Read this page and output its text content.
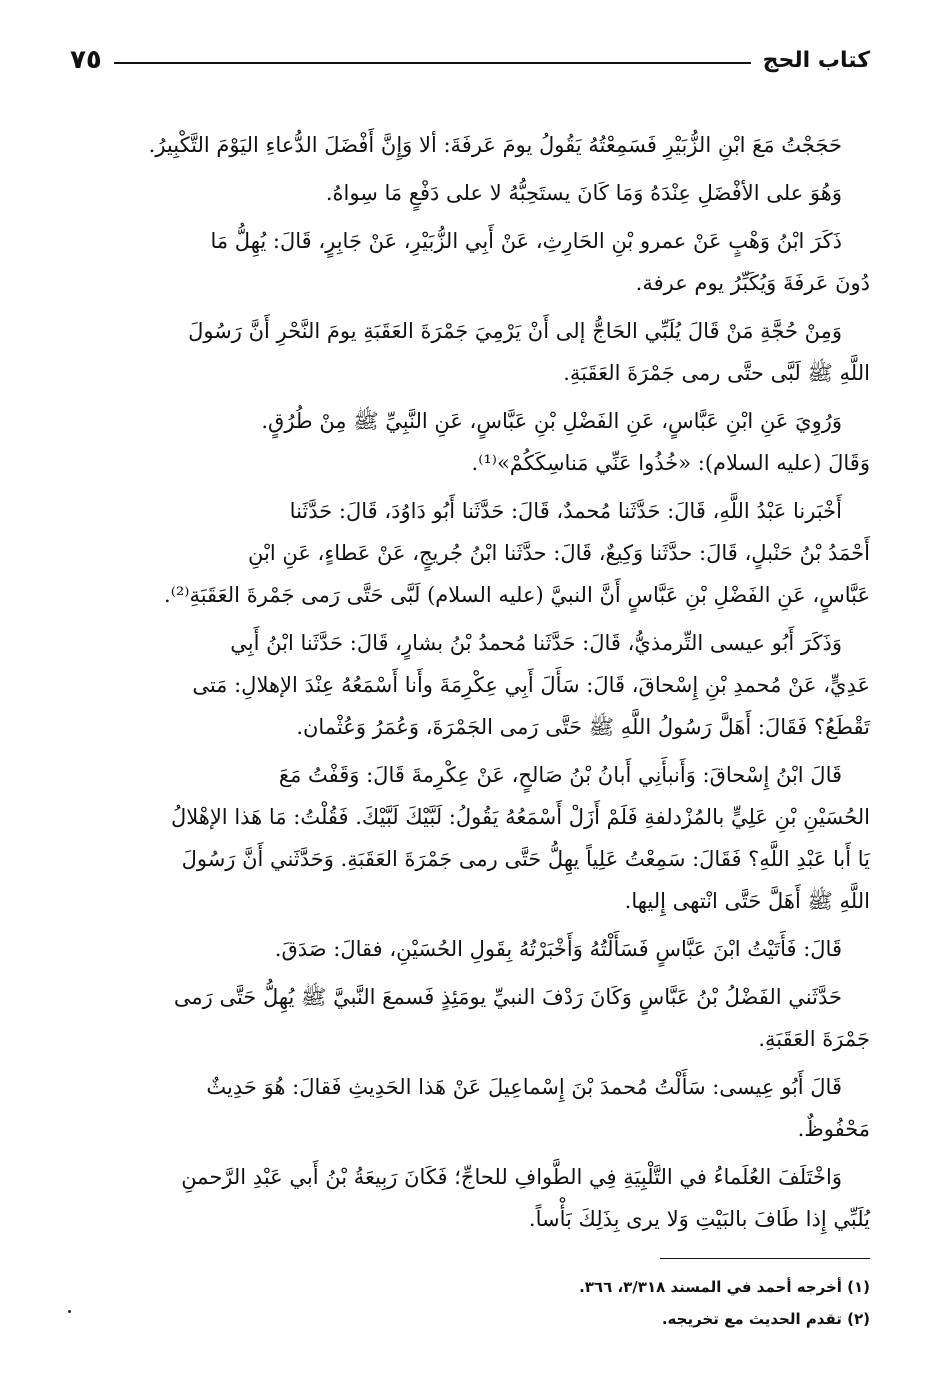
كتاب الحج
٧٥

حَجَجْتُ مَعَ ابْنِ الزُّبَيْرِ فَسَمِعْتُهُ يَقُولُ يومَ عَرفَةَ: ألا وَإِنَّ أَفْضَلَ الدُّعاءِ اليَوْمَ التَّكْبِيرُ.

وَهُوَ على الأفْضَلِ عِنْدَهُ وَمَا كَانَ يستَحِبُّهُ لا على دَفْعٍ مَا سِواهُ.

ذَكَرَ ابْنُ وَهْبٍ عَنْ عمرو بْنِ الحَارِثِ، عَنْ أَبِي الزُّبَيْرِ، عَنْ جَابِرٍ، قَالَ: يُهِلُّ مَا
دُونَ عَرفَةَ وَيُكَبِّرُ يوم عرفة.

وَمِنْ حُجَّةِ مَنْ قَالَ يُلَبِّي الحَاجُّ إلى أَنْ يَرْمِيَ جَمْرَةَ العَقَبَةِ يومَ النَّحْرِ أَنَّ رَسُولَ
اللَّهِ ﷺ لَبَّى حتَّى رمى جَمْرَةَ العَقَبَةِ.

وَرُوِيَ عَنِ ابْنِ عَبَّاسٍ، عَنِ الفَضْلِ بْنِ عَبَّاسٍ، عَنِ النَّبِيِّ ﷺ مِنْ طُرُقٍ.
وَقَالَ (عليه السلام): «خُذُوا عَنِّي مَناسِكَكُمْ»⁽¹⁾.

أَخْبَرنا عَبْدُ اللَّهِ، قَالَ: حَدَّثَنا مُحمدٌ، قَالَ: حَدَّثَنا أَبُو دَاوُدَ، قَالَ: حَدَّثَنا
أَحْمَدُ بْنُ حَنْبلٍ، قَالَ: حدَّثَنا وَكِيعٌ، قَالَ: حدَّثَنا ابْنُ جُريجٍ، عَنْ عَطاءٍ، عَنِ ابْنِ
عَبَّاسٍ، عَنِ الفَضْلِ بْنِ عَبَّاسٍ أَنَّ النبيَّ (عليه السلام) لَبَّى حَتَّى رَمى جَمْرةَ العَقَبَةِ⁽²⁾.

وَذَكَرَ أَبُو عيسى التِّرمذيُّ، قَالَ: حَدَّثَنا مُحمدُ بْنُ بشارٍ، قَالَ: حَدَّثَنا ابْنُ أَبِي
عَدِيٍّ، عَنْ مُحمدِ بْنِ إِسْحاقَ، قَالَ: سَأَلَ أَبِي عِكْرِمَةَ وأَنا أَسْمَعُهُ عِنْدَ الإهلالِ: مَتى
تَقْطَعُ؟ فَقَالَ: أَهَلَّ رَسُولُ اللَّهِ ﷺ حَتَّى رَمى الجَمْرَةَ، وَعُمَرُ وَعُثْمان.

قَالَ ابْنُ إِسْحاقَ: وَأَنبأَنِي أَبانُ بْنُ صَالحٍ، عَنْ عِكْرِمةَ قَالَ: وَقَفْتُ مَعَ
الحُسَيْنِ بْنِ عَلِيٍّ بالمُزْدلفةِ فَلَمْ أَزَلْ أَسْمَعُهُ يَقُولُ: لَبَّيْكَ لَبَّيْكَ. فَقُلْتُ: مَا هَذا الإهْلالُ
يَا أَبا عَبْدِ اللَّهِ؟ فَقَالَ: سَمِعْتُ عَلِياً يهِلُّ حَتَّى رمى جَمْرَةَ العَقَبَةِ. وَحَدَّثَني أَنَّ رَسُولَ
اللَّهِ ﷺ أَهَلَّ حَتَّى انْتهى إِليها.

قَالَ: فَأَتَيْتُ ابْنَ عَبَّاسٍ فَسَأَلْتُهُ وَأَخْبَرْتُهُ بِقَولِ الحُسَيْنِ، فقالَ: صَدَقَ.

حَدَّثَني الفَضْلُ بْنُ عَبَّاسٍ وَكَانَ رَدْفَ النبيِّ يومَئِذٍ فَسمعَ النَّبيَّ ﷺ يُهِلُّ حَتَّى رَمى
جَمْرَةَ العَقَبَةِ.

قَالَ أَبُو عِيسى: سَأَلْتُ مُحمدَ بْنَ إِسْماعِيلَ عَنْ هَذا الحَدِيثِ فَقالَ: هُوَ حَدِيثٌ
مَحْفُوظٌ.

وَاخْتَلَفَ العُلَماءُ في التَّلْبِيَةِ فِي الطَّوافِ للحاجِّ؛ فَكَانَ رَبِيعَةُ بْنُ أَبي عَبْدِ الرَّحمنِ
يُلَبِّي إِذا طَافَ بالبَيْتِ وَلا يرى بِذَلِكَ بَأْساً.

(١) أخرجه أحمد في المسند ٣/٣١٨، ٣٦٦.
(٢) تقدم الحديث مع تخريجه.
